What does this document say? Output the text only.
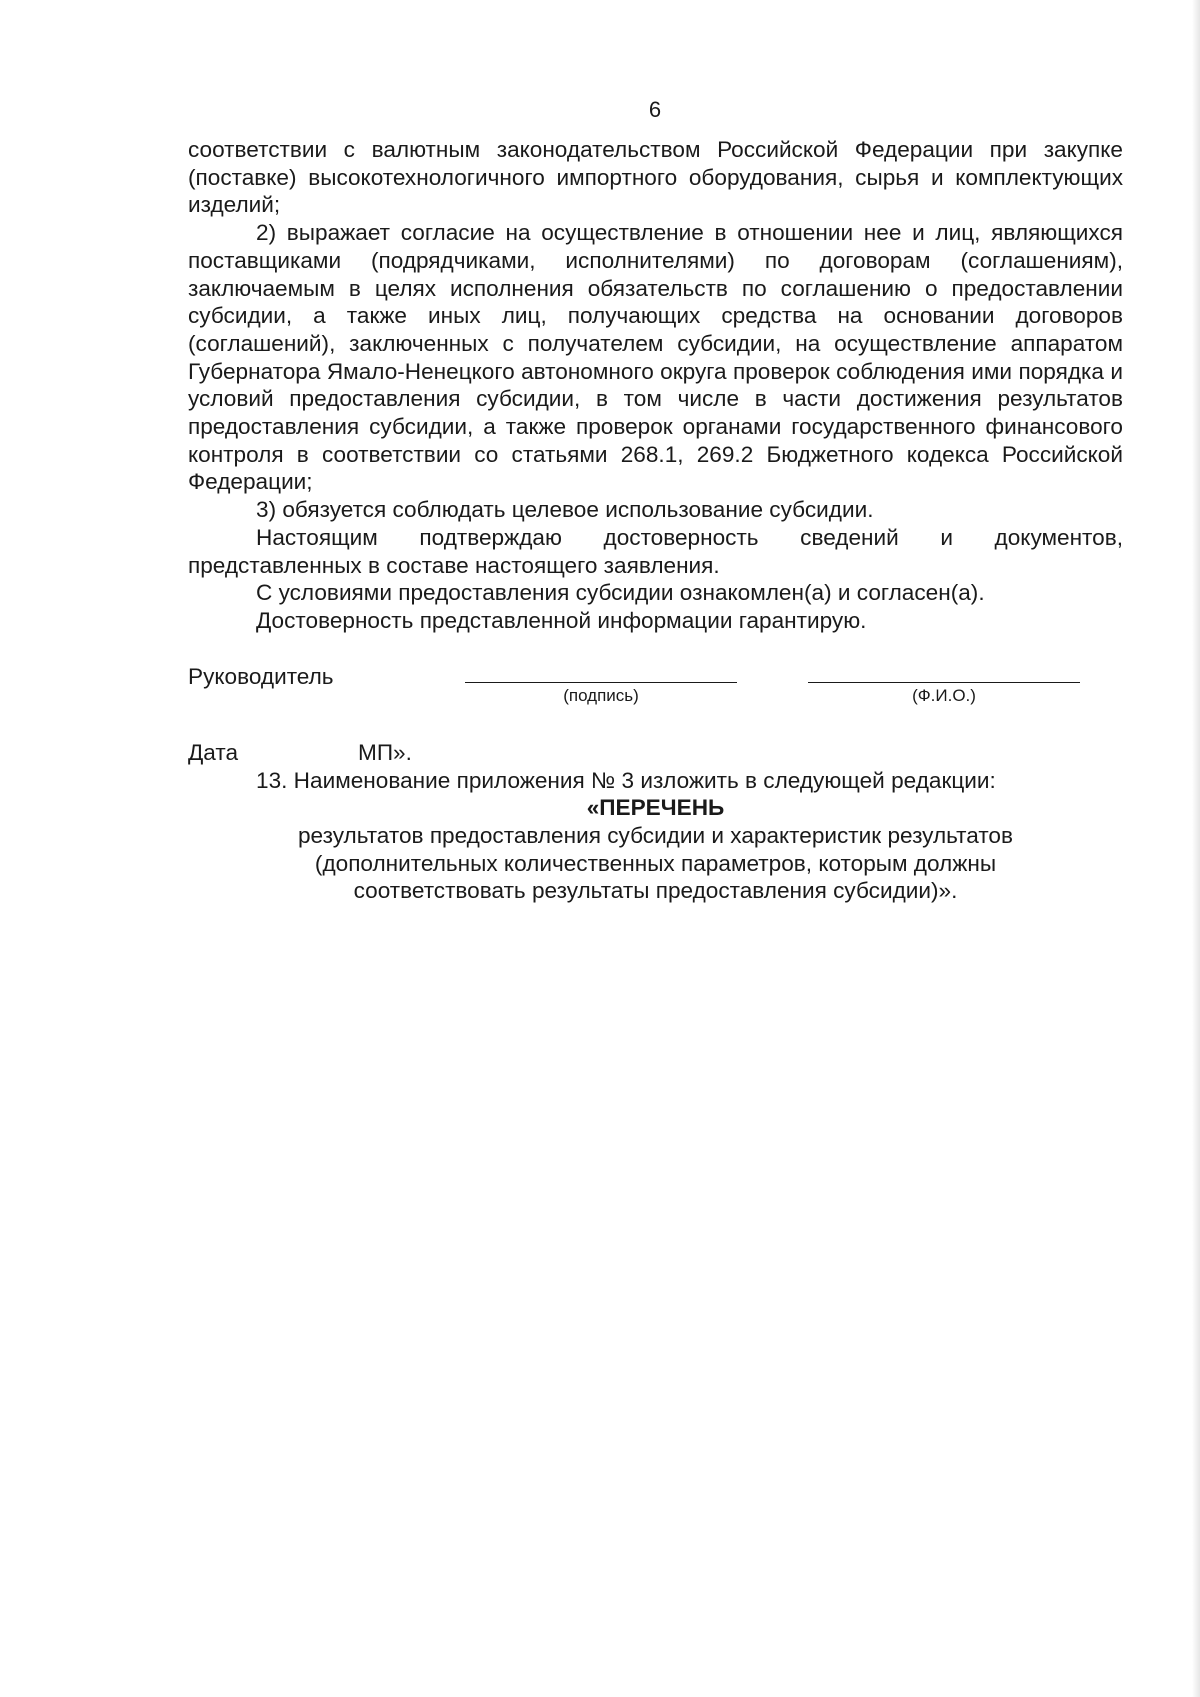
6

соответствии с валютным законодательством Российской Федерации при закупке (поставке) высокотехнологичного импортного оборудования, сырья и комплектующих изделий;

2) выражает согласие на осуществление в отношении нее и лиц, являющихся поставщиками (подрядчиками, исполнителями) по договорам (соглашениям), заключаемым в целях исполнения обязательств по соглашению о предоставлении субсидии, а также иных лиц, получающих средства на основании договоров (соглашений), заключенных с получателем субсидии, на осуществление аппаратом Губернатора Ямало-Ненецкого автономного округа проверок соблюдения ими порядка и условий предоставления субсидии, в том числе в части достижения результатов предоставления субсидии, а также проверок органами государственного финансового контроля в соответствии со статьями 268.1, 269.2 Бюджетного кодекса Российской Федерации;

3) обязуется соблюдать целевое использование субсидии.

Настоящим подтверждаю достоверность сведений и документов, представленных в составе настоящего заявления.

С условиями предоставления субсидии ознакомлен(а) и согласен(а).

Достоверность представленной информации гарантирую.

Руководитель
(подпись)	(Ф.И.О.)
Дата	МП».

13. Наименование приложения № 3 изложить в следующей редакции:

«ПЕРЕЧЕНЬ

результатов предоставления субсидии и характеристик результатов

(дополнительных количественных параметров, которым должны

соответствовать результаты предоставления субсидии)».
